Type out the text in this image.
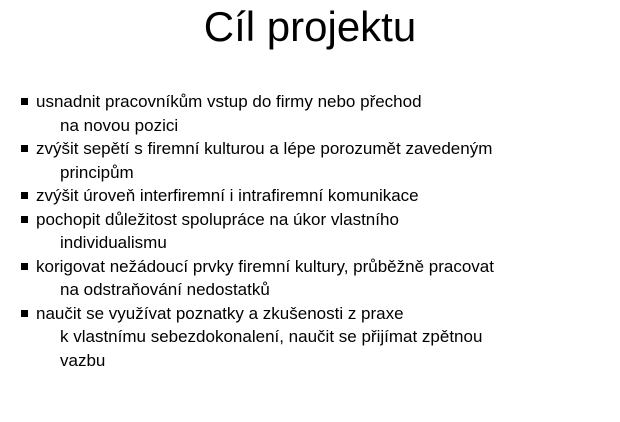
Cíl projektu
usnadnit pracovníkům vstup do firmy nebo přechod
na novou pozici
zvýšit sepětí s firemní kulturou a lépe porozumět zavedeným
principům
zvýšit úroveň interfiremní i intrafiremní komunikace
pochopit důležitost spolupráce na úkor vlastního
individualismu
korigovat nežádoucí prvky firemní kultury, průběžně pracovat
na odstraňování nedostatků
naučit se využívat poznatky a zkušenosti z praxe
k vlastnímu sebezdokonalení, naučit se přijímat zpětnou
vazbu
